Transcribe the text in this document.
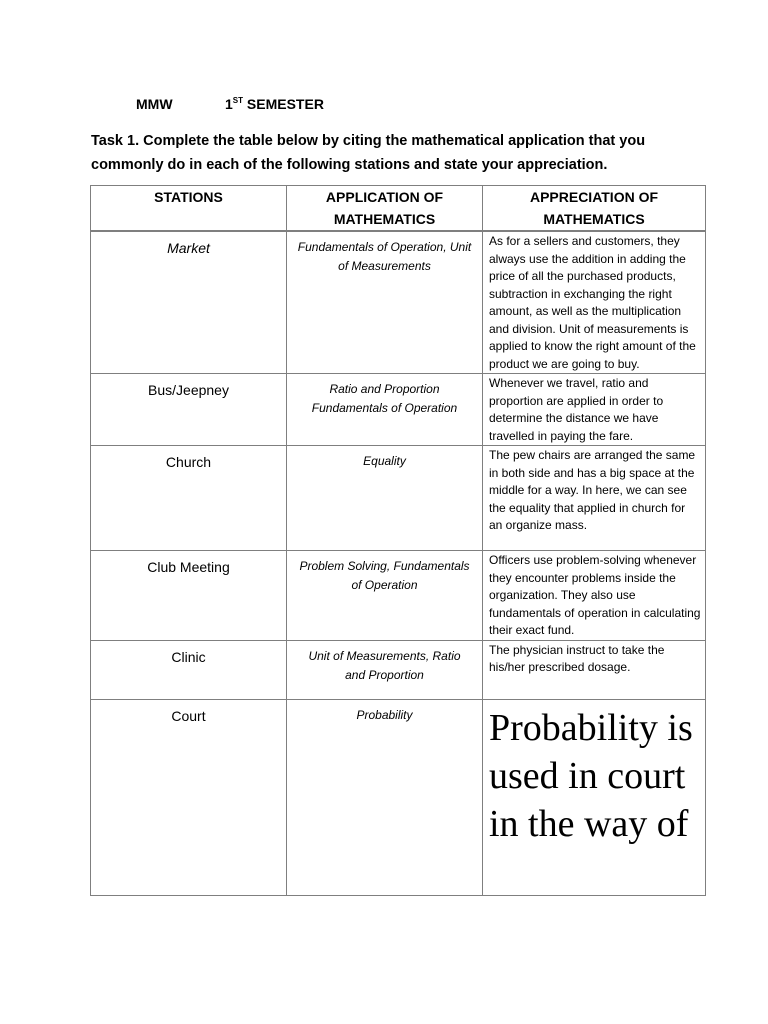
MMW	1ST SEMESTER
Task 1. Complete the table below by citing the mathematical application that you commonly do in each of the following stations and state your appreciation.
STATIONS	APPLICATION OF MATHEMATICS	APPRECIATION OF MATHEMATICS
Market	Fundamentals of Operation, Unit of Measurements	As for a sellers and customers, they always use the addition in adding the price of all the purchased products, subtraction in exchanging the right amount, as well as the multiplication and division. Unit of measurements is applied to know the right amount of the product we are going to buy.
Bus/Jeepney	Ratio and Proportion Fundamentals of Operation	Whenever we travel, ratio and proportion are applied in order to determine the distance we have travelled in paying the fare.
Church	Equality	The pew chairs are arranged the same in both side and has a big space at the middle for a way. In here, we can see the equality that applied in church for an organize mass.
Club Meeting	Problem Solving, Fundamentals of Operation	Officers use problem-solving whenever they encounter problems inside the organization. They also use fundamentals of operation in calculating their exact fund.
Clinic	Unit of Measurements, Ratio and Proportion	The physician instruct to take the his/her prescribed dosage.
Court	Probability	Probability is used in court in the way of
